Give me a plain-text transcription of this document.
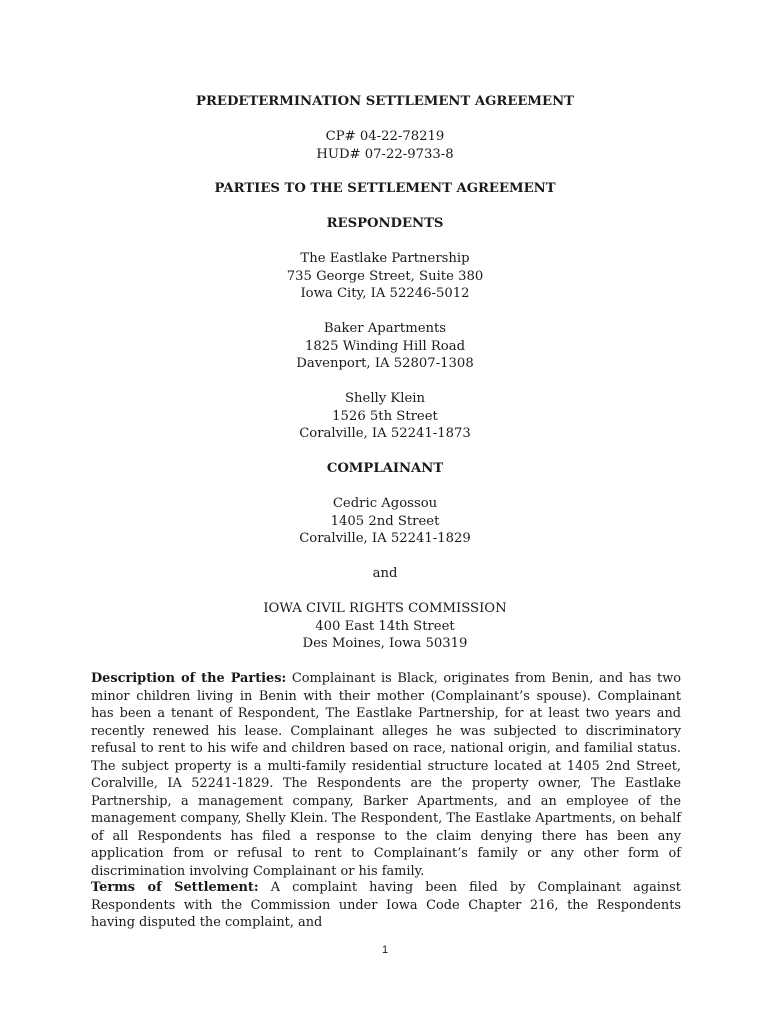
PREDETERMINATION SETTLEMENT AGREEMENT
CP# 04-22-78219
HUD# 07-22-9733-8
PARTIES TO THE SETTLEMENT AGREEMENT
RESPONDENTS
The Eastlake Partnership
735 George Street, Suite 380
Iowa City, IA 52246-5012
Baker Apartments
1825 Winding Hill Road
Davenport, IA 52807-1308
Shelly Klein
1526 5th Street
Coralville, IA 52241-1873
COMPLAINANT
Cedric Agossou
1405 2nd Street
Coralville, IA 52241-1829
and
IOWA CIVIL RIGHTS COMMISSION
400 East 14th Street
Des Moines, Iowa 50319
Description of the Parties: Complainant is Black, originates from Benin, and has two minor children living in Benin with their mother (Complainant’s spouse). Complainant has been a tenant of Respondent, The Eastlake Partnership, for at least two years and recently renewed his lease. Complainant alleges he was subjected to discriminatory refusal to rent to his wife and children based on race, national origin, and familial status. The subject property is a multi-family residential structure located at 1405 2nd Street, Coralville, IA 52241-1829. The Respondents are the property owner, The Eastlake Partnership, a management company, Barker Apartments, and an employee of the management company, Shelly Klein. The Respondent, The Eastlake Apartments, on behalf of all Respondents has filed a response to the claim denying there has been any application from or refusal to rent to Complainant’s family or any other form of discrimination involving Complainant or his family.
Terms of Settlement: A complaint having been filed by Complainant against Respondents with the Commission under Iowa Code Chapter 216, the Respondents having disputed the complaint, and
1
